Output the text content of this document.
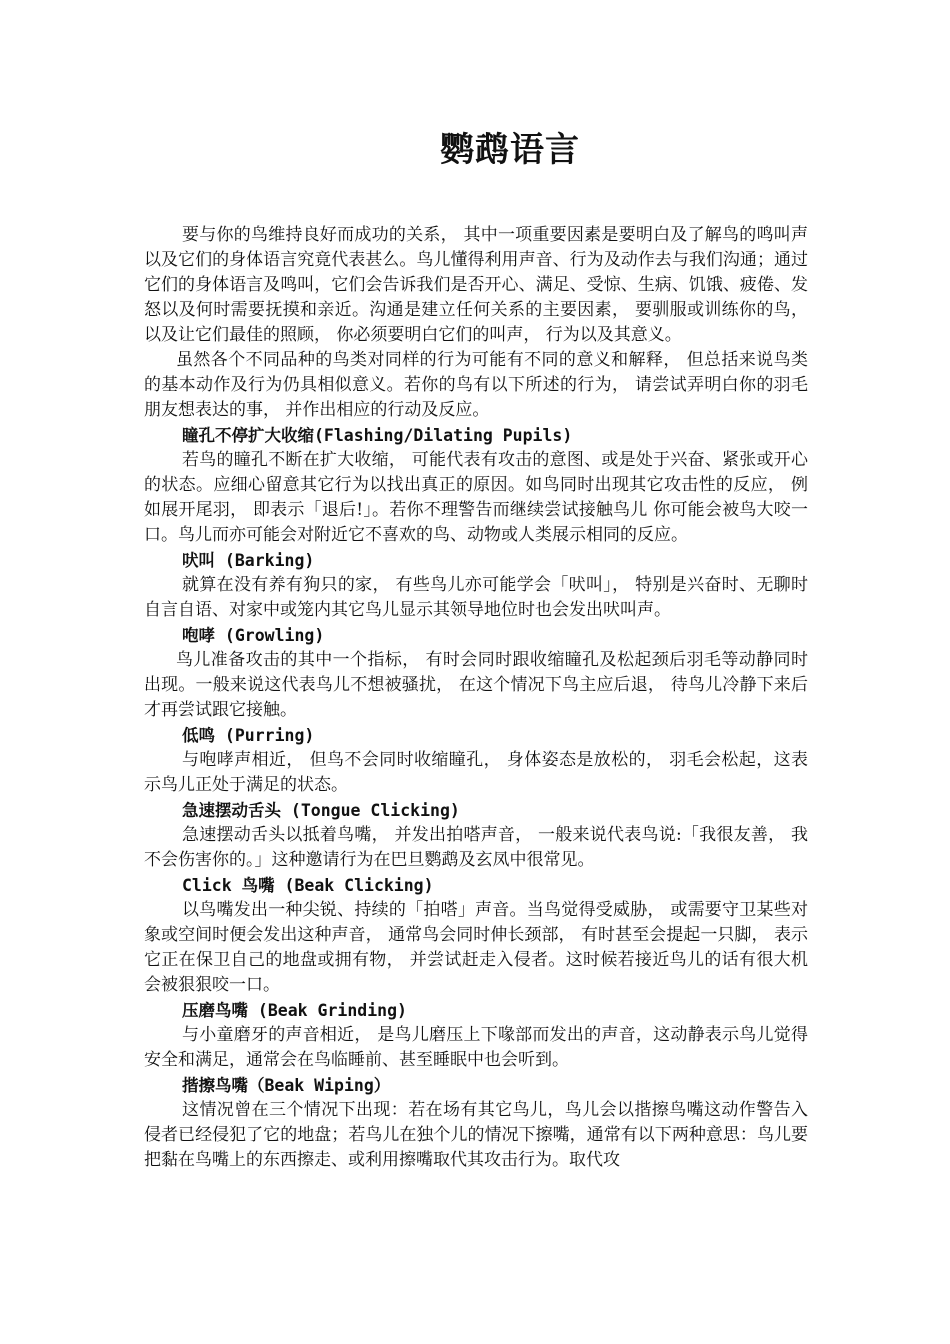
鹦鹉语言

要与你的鸟维持良好而成功的关系， 其中一项重要因素是要明白及了解鸟的鸣叫声以及它们的身体语言究竟代表甚么。鸟儿懂得利用声音、行为及动作去与我们沟通；通过它们的身体语言及鸣叫，它们会告诉我们是否开心、满足、受惊、生病、饥饿、疲倦、发怒以及何时需要抚摸和亲近。沟通是建立任何关系的主要因素， 要驯服或训练你的鸟， 以及让它们最佳的照顾， 你必须要明白它们的叫声， 行为以及其意义。

虽然各个不同品种的鸟类对同样的行为可能有不同的意义和解释， 但总括来说鸟类的基本动作及行为仍具相似意义。若你的鸟有以下所述的行为， 请尝试弄明白你的羽毛朋友想表达的事， 并作出相应的行动及反应。

瞳孔不停扩大收缩(Flashing/Dilating Pupils)

若鸟的瞳孔不断在扩大收缩， 可能代表有攻击的意图、或是处于兴奋、紧张或开心的状态。应细心留意其它行为以找出真正的原因。如鸟同时出现其它攻击性的反应， 例如展开尾羽， 即表示「退后!」。若你不理警告而继续尝试接触鸟儿 你可能会被鸟大咬一口。鸟儿而亦可能会对附近它不喜欢的鸟、动物或人类展示相同的反应。

吠叫 (Barking)

就算在没有养有狗只的家， 有些鸟儿亦可能学会「吠叫」， 特别是兴奋时、无聊时自言自语、对家中或笼内其它鸟儿显示其领导地位时也会发出吠叫声。

咆哮 (Growling)

鸟儿准备攻击的其中一个指标， 有时会同时跟收缩瞳孔及松起颈后羽毛等动静同时出现。一般来说这代表鸟儿不想被骚扰， 在这个情况下鸟主应后退， 待鸟儿冷静下来后才再尝试跟它接触。

低鸣 (Purring)

与咆哮声相近， 但鸟不会同时收缩瞳孔， 身体姿态是放松的， 羽毛会松起，这表示鸟儿正处于满足的状态。

急速摆动舌头 (Tongue Clicking)

急速摆动舌头以抵着鸟嘴， 并发出拍嗒声音， 一般来说代表鸟说:「我很友善， 我不会伤害你的。」这种邀请行为在巴旦鹦鹉及玄凤中很常见。

Click 鸟嘴 (Beak Clicking)

以鸟嘴发出一种尖锐、持续的「拍嗒」声音。当鸟觉得受威胁， 或需要守卫某些对象或空间时便会发出这种声音， 通常鸟会同时伸长颈部， 有时甚至会提起一只脚， 表示它正在保卫自己的地盘或拥有物， 并尝试赶走入侵者。这时候若接近鸟儿的话有很大机会被狠狠咬一口。

压磨鸟嘴 (Beak Grinding)

与小童磨牙的声音相近， 是鸟儿磨压上下喙部而发出的声音，这动静表示鸟儿觉得安全和满足，通常会在鸟临睡前、甚至睡眠中也会听到。

揩擦鸟嘴（Beak Wiping）

这情况曾在三个情况下出现：若在场有其它鸟儿，鸟儿会以揩擦鸟嘴这动作警告入侵者已经侵犯了它的地盘；若鸟儿在独个儿的情况下擦嘴，通常有以下两种意思：鸟儿要把黏在鸟嘴上的东西擦走、或利用擦嘴取代其攻击行为。取代攻
